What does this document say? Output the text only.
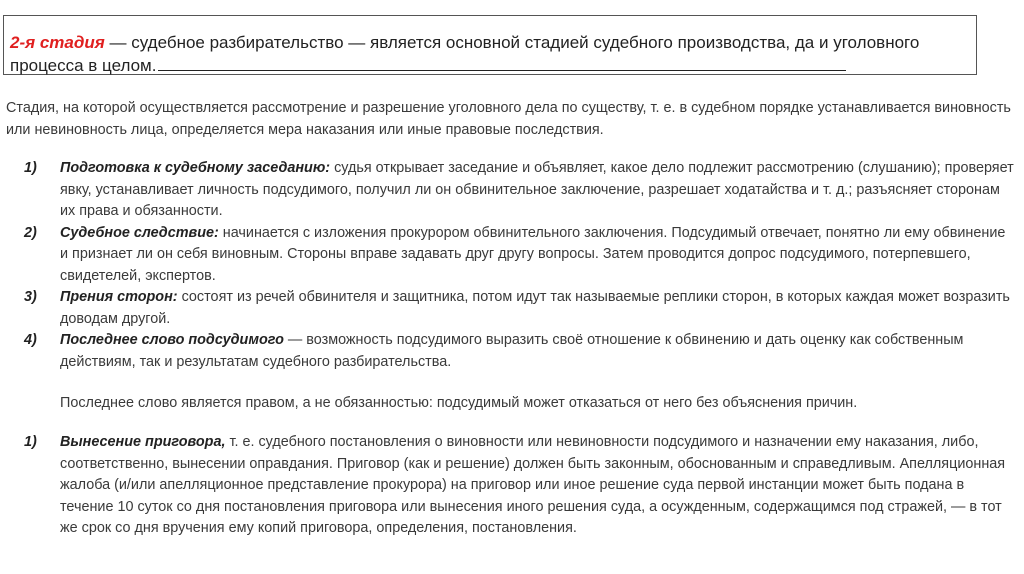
2-я стадия — судебное разбирательство — является основной стадией судебного производства, да и уголовного процесса в целом.
Стадия, на которой осуществляется рассмотрение и разрешение уголовного дела по существу, т. е. в судебном порядке устанавливается виновность или невиновность лица, определяется мера наказания или иные правовые последствия.

1) Подготовка к судебному заседанию: судья открывает заседание и объявляет, какое дело подлежит рассмотрению (слушанию); проверяет явку, устанавливает личность подсудимого, получил ли он обвинительное заключение, разрешает ходатайства и т. д.; разъясняет сторонам их права и обязанности.

2) Судебное следствие: начинается с изложения прокурором обвинительного заключения. Подсудимый отвечает, понятно ли ему обвинение и признает ли он себя виновным. Стороны вправе задавать друг другу вопросы. Затем проводится допрос подсудимого, потерпевшего, свидетелей, экспертов.

3) Прения сторон: состоят из речей обвинителя и защитника, потом идут так называемые реплики сторон, в которых каждая может возразить доводам другой.

4) Последнее слово подсудимого — возможность подсудимого выразить своё отношение к обвинению и дать оценку как собственным действиям, так и результатам судебного разбирательства.

Последнее слово является правом, а не обязанностью: подсудимый может отказаться от него без объяснения причин.

1) Вынесение приговора, т. е. судебного постановления о виновности или невиновности подсудимого и назначении ему наказания, либо, соответственно, вынесении оправдания. Приговор (как и решение) должен быть законным, обоснованным и справедливым. Апелляционная жалоба (и/или апелляционное представление прокурора) на приговор или иное решение суда первой инстанции может быть подана в течение 10 суток со дня постановления приговора или вынесения иного решения суда, а осужденным, содержащимся под стражей, — в тот же срок со дня вручения ему копий приговора, определения, постановления.
